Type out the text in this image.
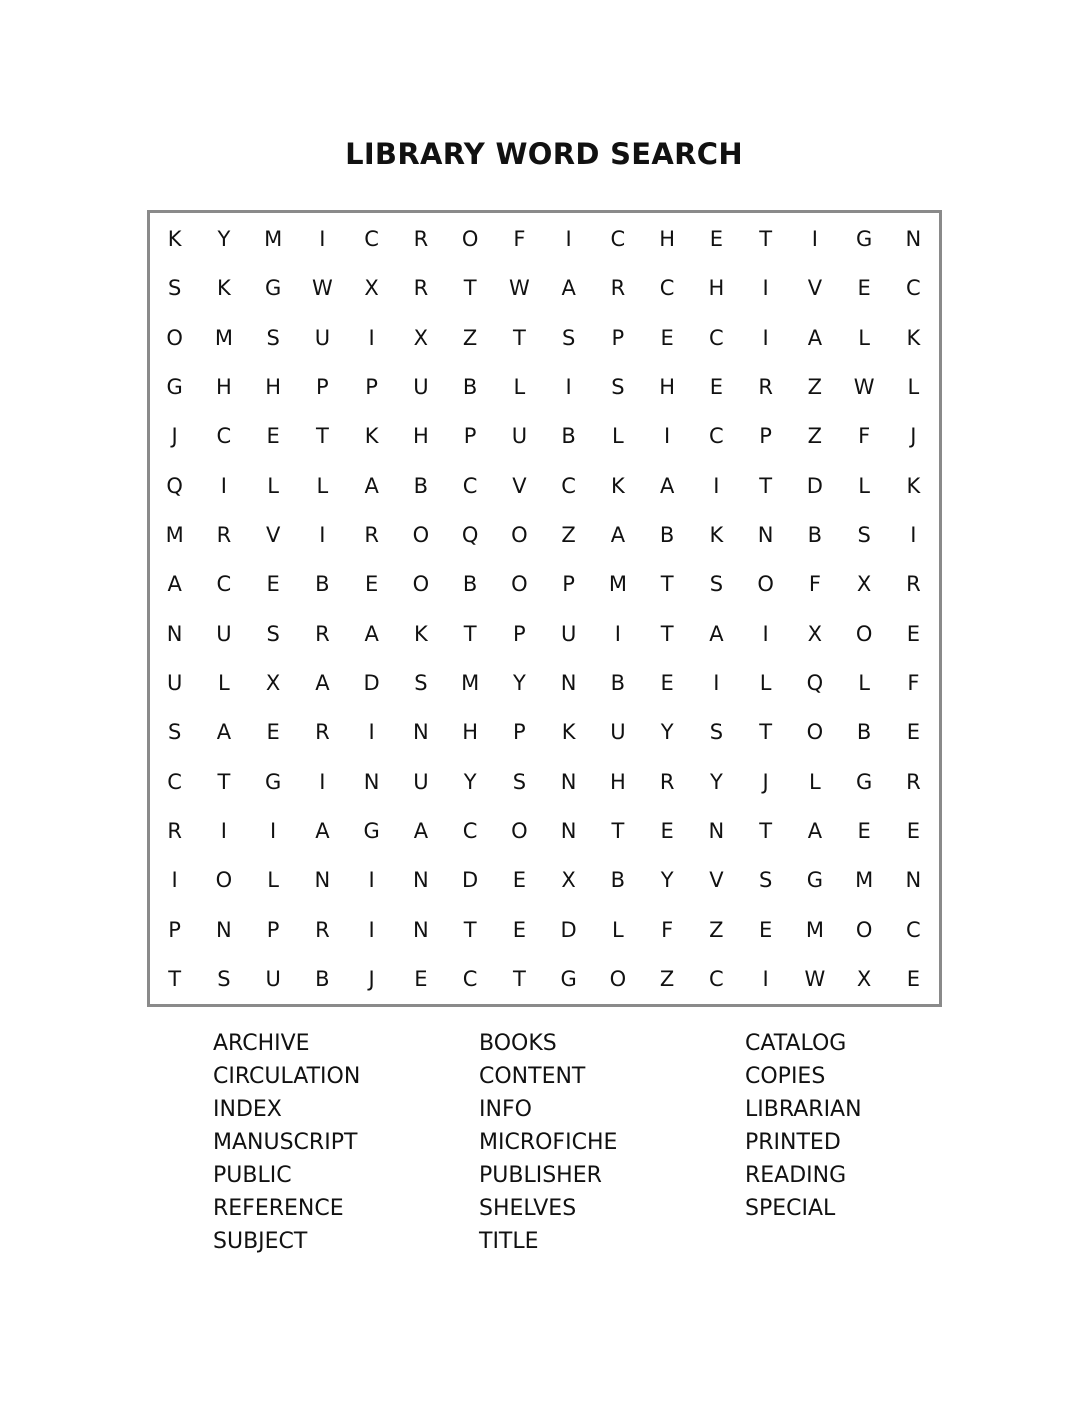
LIBRARY WORD SEARCH
K	Y	M	I	C	R	O	F	I	C	H	E	T	I	G	N
S	K	G	W	X	R	T	W	A	R	C	H	I	V	E	C
O	M	S	U	I	X	Z	T	S	P	E	C	I	A	L	K
G	H	H	P	P	U	B	L	I	S	H	E	R	Z	W	L
J	C	E	T	K	H	P	U	B	L	I	C	P	Z	F	J
Q	I	L	L	A	B	C	V	C	K	A	I	T	D	L	K
M	R	V	I	R	O	Q	O	Z	A	B	K	N	B	S	I
A	C	E	B	E	O	B	O	P	M	T	S	O	F	X	R
N	U	S	R	A	K	T	P	U	I	T	A	I	X	O	E
U	L	X	A	D	S	M	Y	N	B	E	I	L	Q	L	F
S	A	E	R	I	N	H	P	K	U	Y	S	T	O	B	E
C	T	G	I	N	U	Y	S	N	H	R	Y	J	L	G	R
R	I	I	A	G	A	C	O	N	T	E	N	T	A	E	E
I	O	L	N	I	N	D	E	X	B	Y	V	S	G	M	N
P	N	P	R	I	N	T	E	D	L	F	Z	E	M	O	C
T	S	U	B	J	E	C	T	G	O	Z	C	I	W	X	E
ARCHIVE	BOOKS	CATALOG
CIRCULATION	CONTENT	COPIES
INDEX	INFO	LIBRARIAN
MANUSCRIPT	MICROFICHE	PRINTED
PUBLIC	PUBLISHER	READING
REFERENCE	SHELVES	SPECIAL
SUBJECT	TITLE
